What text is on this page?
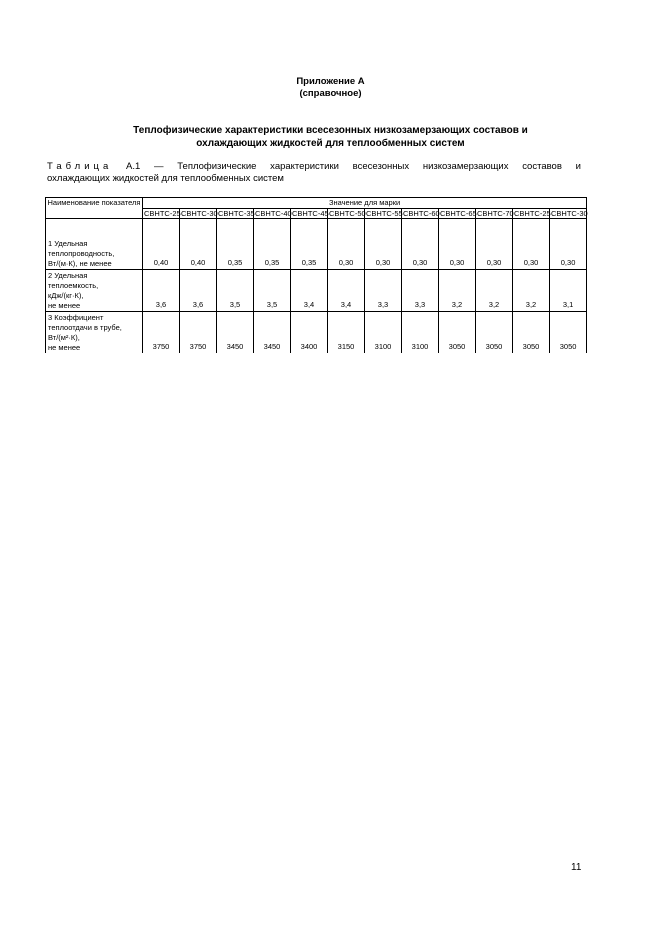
Приложение А
(справочное)
Теплофизические характеристики всесезонных низкозамерзающих составов и
охлаждающих жидкостей для теплообменных систем
Таблица А.1 — Теплофизические характеристики всесезонных низкозамерзающих составов и
охлаждающих жидкостей для теплообменных систем
Наименование показателя	Значение для марки											
	СВНТС-25	СВНТС-30	СВНТС-35	СВНТС-40	СВНТС-45	СВНТС-50	СВНТС-55	СВНТС-60	СВНТС-65	СВНТС-70	СВНТС-25	СВНТС-30

1 Удельная
теплопроводность,
Вт/(м·К), не менее	0,40	0,40	0,35	0,35	0,35	0,30	0,30	0,30	0,30	0,30	0,30	0,30

2 Удельная
теплоемкость,
кДж/(кг·К),
не менее	3,6	3,6	3,5	3,5	3,4	3,4	3,3	3,3	3,2	3,2	3,2	3,1

3 Коэффициент
теплоотдачи в трубе,
Вт/(м²·К),
не менее	3750	3750	3450	3450	3400	3150	3100	3100	3050	3050	3050	3050
11
